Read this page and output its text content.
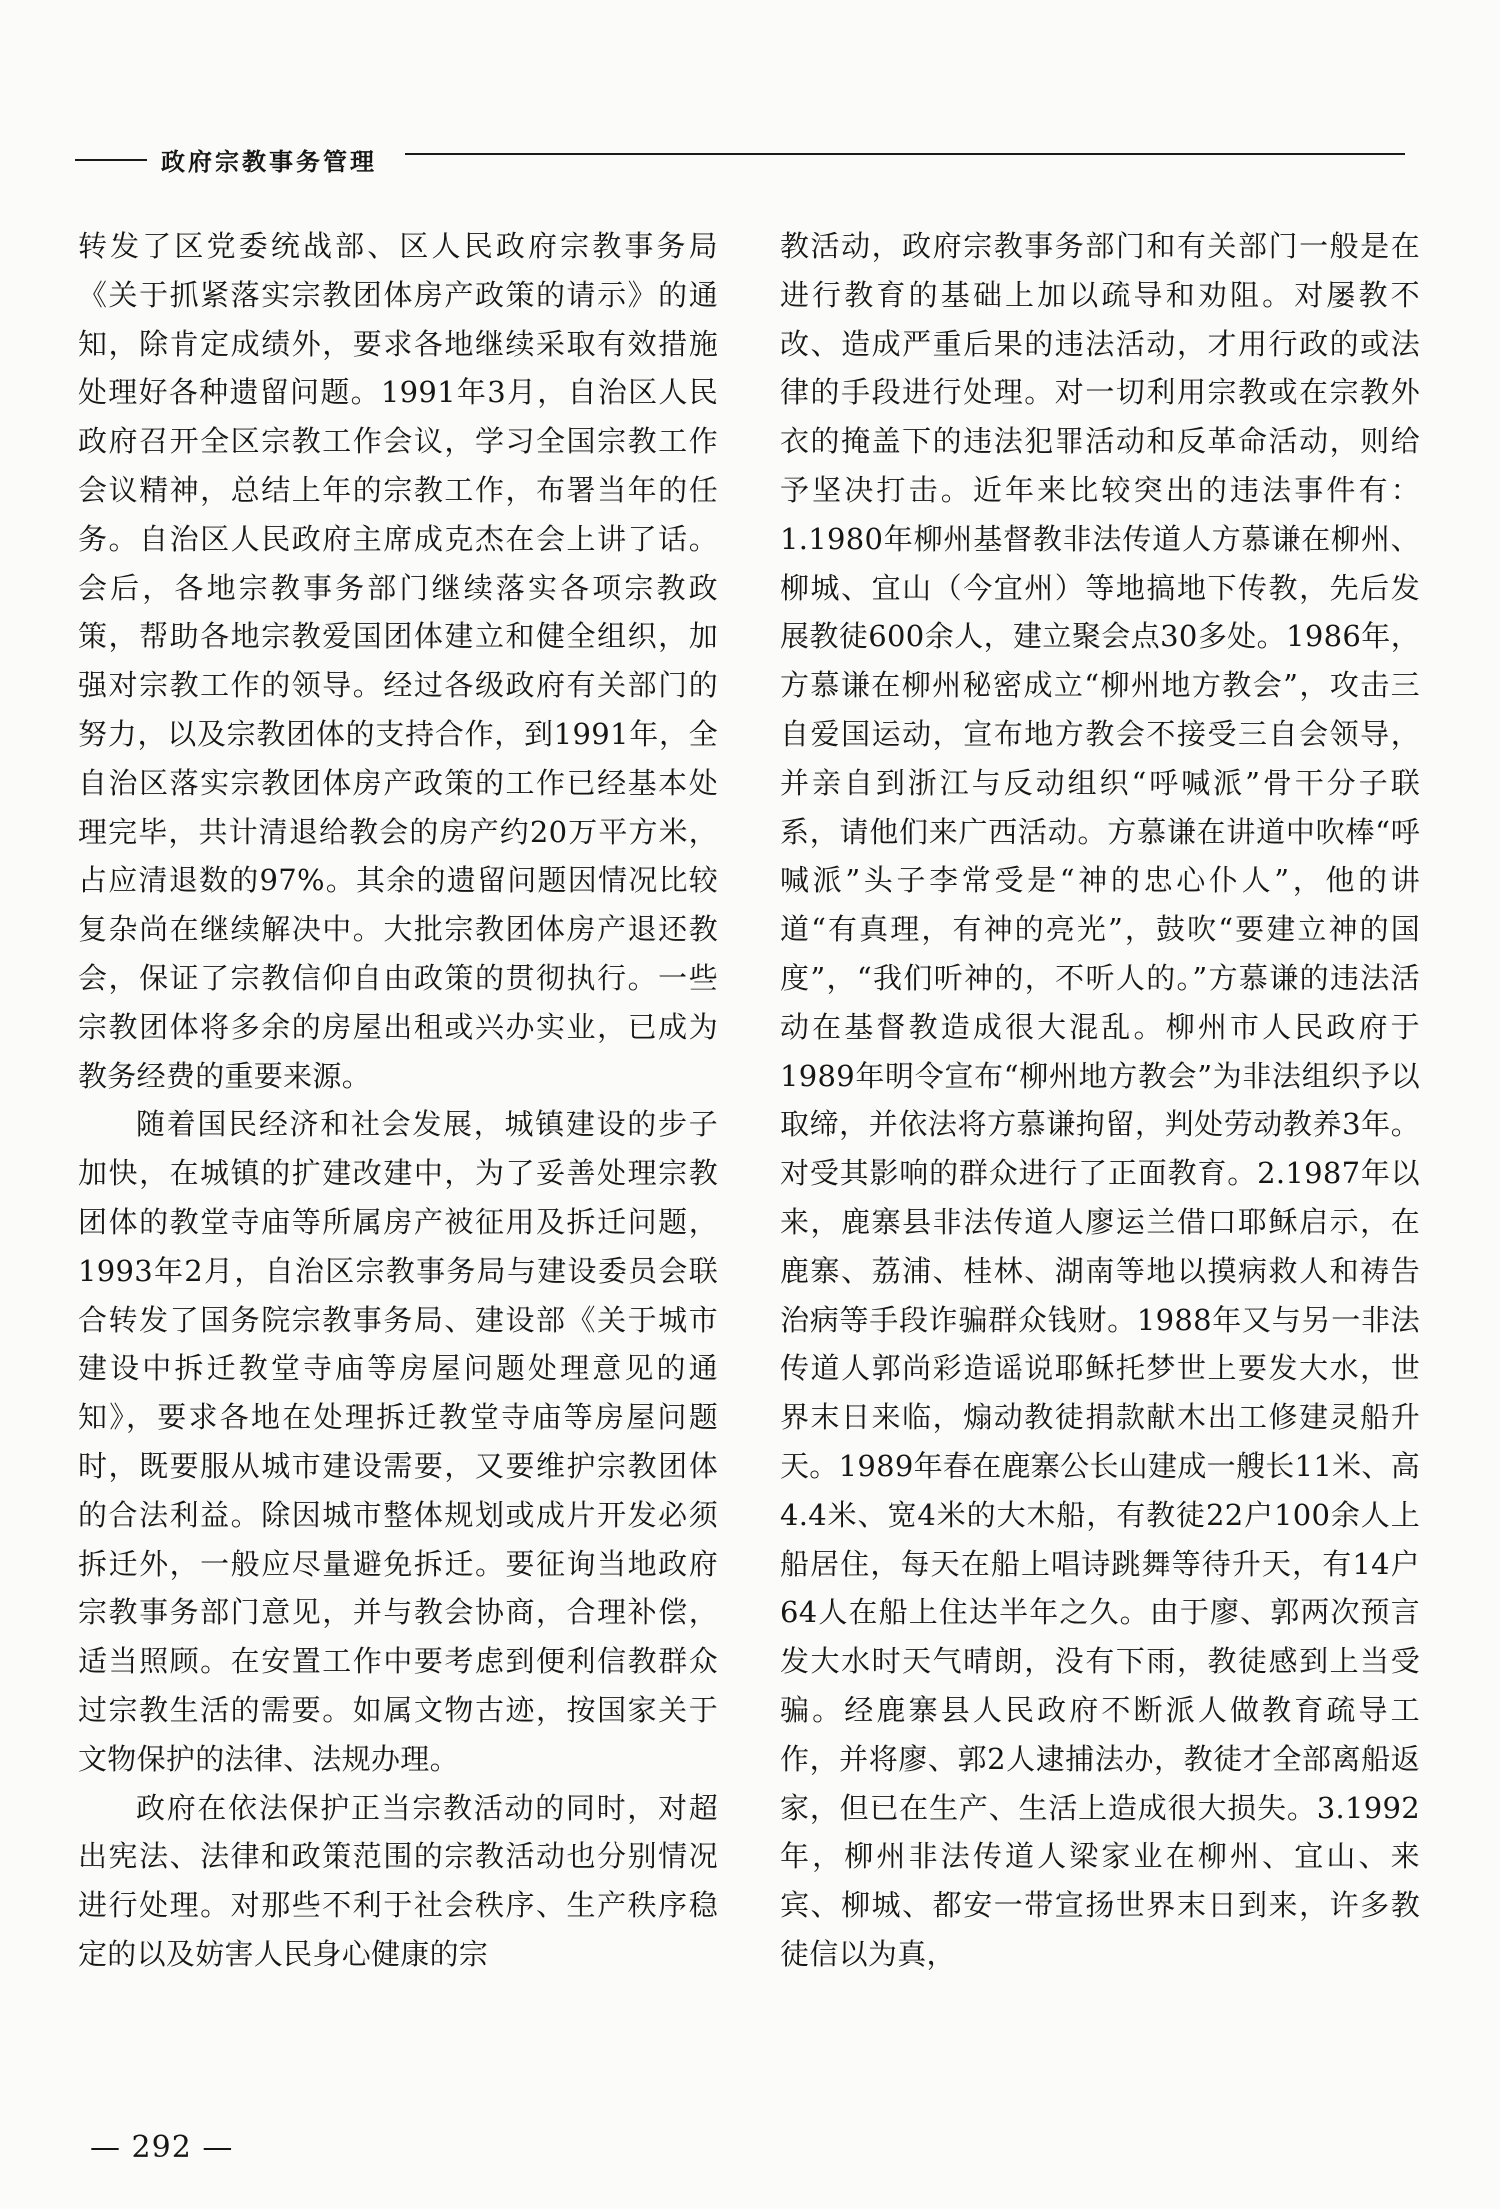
政府宗教事务管理

转发了区党委统战部、区人民政府宗教事务局《关于抓紧落实宗教团体房产政策的请示》的通知，除肯定成绩外，要求各地继续采取有效措施处理好各种遗留问题。1991年3月，自治区人民政府召开全区宗教工作会议，学习全国宗教工作会议精神，总结上年的宗教工作，布署当年的任务。自治区人民政府主席成克杰在会上讲了话。会后，各地宗教事务部门继续落实各项宗教政策，帮助各地宗教爱国团体建立和健全组织，加强对宗教工作的领导。经过各级政府有关部门的努力，以及宗教团体的支持合作，到1991年，全自治区落实宗教团体房产政策的工作已经基本处理完毕，共计清退给教会的房产约20万平方米，占应清退数的97%。其余的遗留问题因情况比较复杂尚在继续解决中。大批宗教团体房产退还教会，保证了宗教信仰自由政策的贯彻执行。一些宗教团体将多余的房屋出租或兴办实业，已成为教务经费的重要来源。

随着国民经济和社会发展，城镇建设的步子加快，在城镇的扩建改建中，为了妥善处理宗教团体的教堂寺庙等所属房产被征用及拆迁问题，1993年2月，自治区宗教事务局与建设委员会联合转发了国务院宗教事务局、建设部《关于城市建设中拆迁教堂寺庙等房屋问题处理意见的通知》，要求各地在处理拆迁教堂寺庙等房屋问题时，既要服从城市建设需要，又要维护宗教团体的合法利益。除因城市整体规划或成片开发必须拆迁外，一般应尽量避免拆迁。要征询当地政府宗教事务部门意见，并与教会协商，合理补偿，适当照顾。在安置工作中要考虑到便利信教群众过宗教生活的需要。如属文物古迹，按国家关于文物保护的法律、法规办理。

政府在依法保护正当宗教活动的同时，对超出宪法、法律和政策范围的宗教活动也分别情况进行处理。对那些不利于社会秩序、生产秩序稳定的以及妨害人民身心健康的宗

教活动，政府宗教事务部门和有关部门一般是在进行教育的基础上加以疏导和劝阻。对屡教不改、造成严重后果的违法活动，才用行政的或法律的手段进行处理。对一切利用宗教或在宗教外衣的掩盖下的违法犯罪活动和反革命活动，则给予坚决打击。近年来比较突出的违法事件有：1.1980年柳州基督教非法传道人方慕谦在柳州、柳城、宜山（今宜州）等地搞地下传教，先后发展教徒600余人，建立聚会点30多处。1986年，方慕谦在柳州秘密成立“柳州地方教会”，攻击三自爱国运动，宣布地方教会不接受三自会领导，并亲自到浙江与反动组织“呼喊派”骨干分子联系，请他们来广西活动。方慕谦在讲道中吹棒“呼喊派”头子李常受是“神的忠心仆人”，他的讲道“有真理，有神的亮光”，鼓吹“要建立神的国度”，“我们听神的，不听人的。”方慕谦的违法活动在基督教造成很大混乱。柳州市人民政府于1989年明令宣布“柳州地方教会”为非法组织予以取缔，并依法将方慕谦拘留，判处劳动教养3年。对受其影响的群众进行了正面教育。2.1987年以来，鹿寨县非法传道人廖运兰借口耶稣启示，在鹿寨、荔浦、桂林、湖南等地以摸病救人和祷告治病等手段诈骗群众钱财。1988年又与另一非法传道人郭尚彩造谣说耶稣托梦世上要发大水，世界末日来临，煽动教徒捐款献木出工修建灵船升天。1989年春在鹿寨公长山建成一艘长11米、高4.4米、宽4米的大木船，有教徒22户100余人上船居住，每天在船上唱诗跳舞等待升天，有14户64人在船上住达半年之久。由于廖、郭两次预言发大水时天气晴朗，没有下雨，教徒感到上当受骗。经鹿寨县人民政府不断派人做教育疏导工作，并将廖、郭2人逮捕法办，教徒才全部离船返家，但已在生产、生活上造成很大损失。3.1992年，柳州非法传道人梁家业在柳州、宜山、来宾、柳城、都安一带宣扬世界末日到来，许多教徒信以为真，

— 292 —
